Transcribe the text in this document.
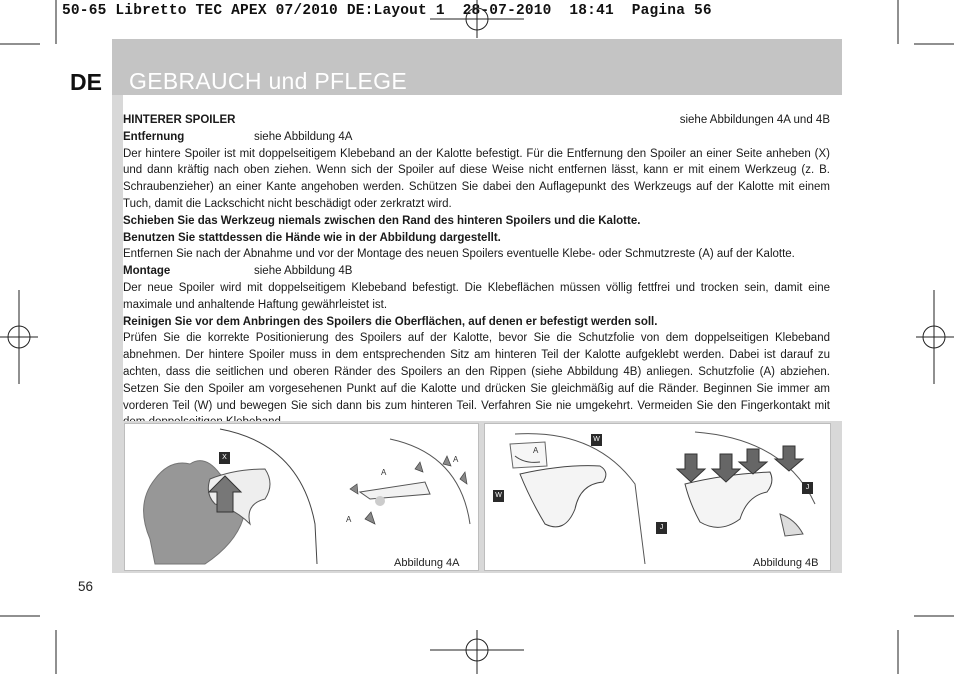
50-65 Libretto TEC APEX 07/2010 DE:Layout 1  28-07-2010  18:41  Pagina 56
DE GEBRAUCH und PFLEGE
HINTERER SPOILER	siehe Abbildungen 4A und 4B
Entfernung	siehe Abbildung 4A

Der hintere Spoiler ist mit doppelseitigem Klebeband an der Kalotte befestigt. Für die Entfernung den Spoiler an einer Seite anheben (X) und dann kräftig nach oben ziehen. Wenn sich der Spoiler auf diese Weise nicht entfernen lässt, kann er mit einem Werkzeug (z. B. Schraubenzieher) an einer Kante angehoben werden. Schützen Sie dabei den Auflagepunkt des Werkzeugs auf der Kalotte mit einem Tuch, damit die Lackschicht nicht beschädigt oder zerkratzt wird.

Schieben Sie das Werkzeug niemals zwischen den Rand des hinteren Spoilers und die Kalotte.

Benutzen Sie stattdessen die Hände wie in der Abbildung dargestellt.

Entfernen Sie nach der Abnahme und vor der Montage des neuen Spoilers eventuelle Klebe- oder Schmutzreste (A) auf der Kalotte.

Montage	siehe Abbildung 4B

Der neue Spoiler wird mit doppelseitigem Klebeband befestigt. Die Klebeflächen müssen völlig fettfrei und trocken sein, damit eine maximale und anhaltende Haftung gewährleistet ist.

Reinigen Sie vor dem Anbringen des Spoilers die Oberflächen, auf denen er befestigt werden soll.

Prüfen Sie die korrekte Positionierung des Spoilers auf der Kalotte, bevor Sie die Schutzfolie von dem doppelseitigen Klebeband abnehmen. Der hintere Spoiler muss in dem entsprechenden Sitz am hinteren Teil der Kalotte aufgeklebt werden. Dabei ist darauf zu achten, dass die seitlichen und oberen Ränder des Spoilers an den Rippen (siehe Abbildung 4B) anliegen. Schutzfolie (A) abziehen. Setzen Sie den Spoiler am vorgesehenen Punkt auf die Kalotte und drücken Sie gleichmäßig auf die Ränder. Beginnen Sie immer am vorderen Teil (W) und bewegen Sie sich dann bis zum hinteren Teil. Verfahren Sie nie umgekehrt. Vermeiden Sie den Fingerkontakt mit

X
A
A
A
Abbildung 4A
W
W
J
J
A
Abbildung 4B
56
